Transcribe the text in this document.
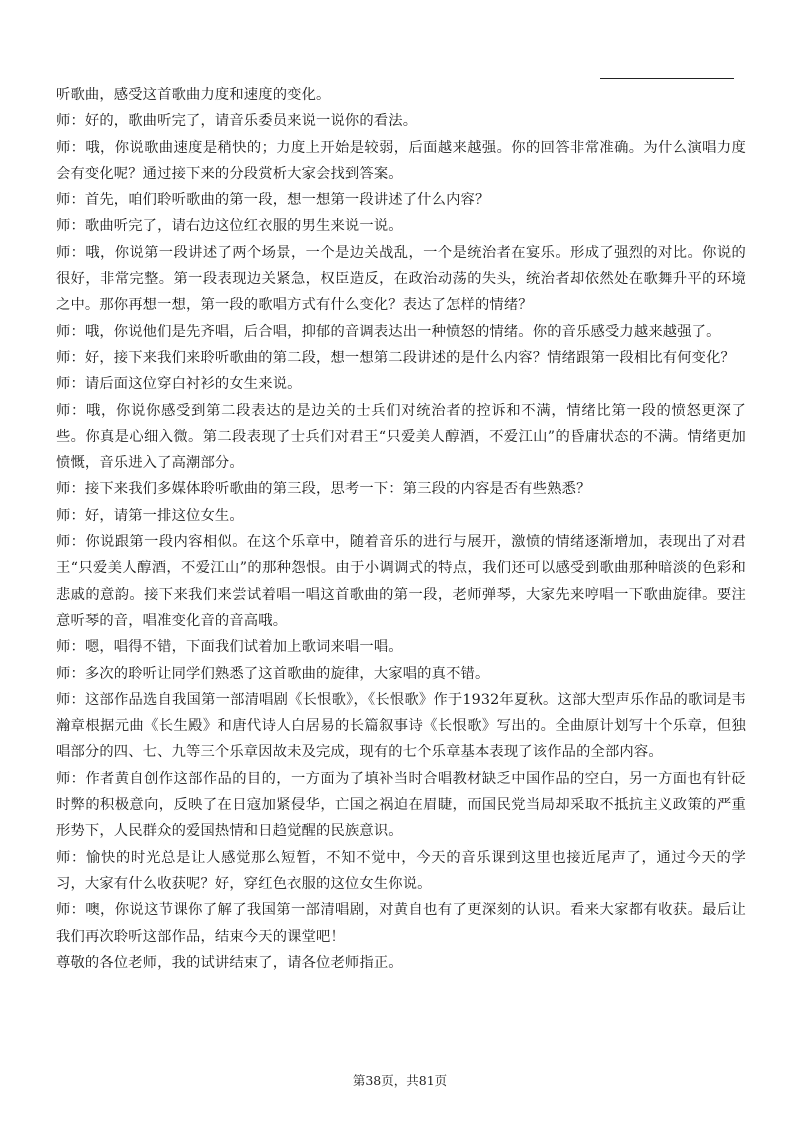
听歌曲，感受这首歌曲力度和速度的变化。

师：好的，歌曲听完了，请音乐委员来说一说你的看法。

师：哦，你说歌曲速度是稍快的；力度上开始是较弱，后面越来越强。你的回答非常准确。为什么演唱力度会有变化呢？通过接下来的分段赏析大家会找到答案。

师：首先，咱们聆听歌曲的第一段，想一想第一段讲述了什么内容？

师：歌曲听完了，请右边这位红衣服的男生来说一说。

师：哦，你说第一段讲述了两个场景，一个是边关战乱，一个是统治者在宴乐。形成了强烈的对比。你说的很好，非常完整。第一段表现边关紧急，权臣造反，在政治动荡的失头，统治者却依然处在歌舞升平的环境之中。那你再想一想，第一段的歌唱方式有什么变化？表达了怎样的情绪？

师：哦，你说他们是先齐唱，后合唱，抑郁的音调表达出一种愤怒的情绪。你的音乐感受力越来越强了。

师：好，接下来我们来聆听歌曲的第二段，想一想第二段讲述的是什么内容？情绪跟第一段相比有何变化？

师：请后面这位穿白衬衫的女生来说。

师：哦，你说你感受到第二段表达的是边关的士兵们对统治者的控诉和不满，情绪比第一段的愤怒更深了些。你真是心细入微。第二段表现了士兵们对君王“只爱美人醇酒，不爱江山”的昏庸状态的不满。情绪更加愤慨，音乐进入了高潮部分。

师：接下来我们多媒体聆听歌曲的第三段，思考一下：第三段的内容是否有些熟悉？

师：好，请第一排这位女生。

师：你说跟第一段内容相似。在这个乐章中，随着音乐的进行与展开，激愤的情绪逐渐增加，表现出了对君王“只爱美人醇酒，不爱江山”的那种怨恨。由于小调调式的特点，我们还可以感受到歌曲那种暗淡的色彩和悲戚的意韵。接下来我们来尝试着唱一唱这首歌曲的第一段，老师弹琴，大家先来哼唱一下歌曲旋律。要注意听琴的音，唱准变化音的音高哦。

师：嗯，唱得不错，下面我们试着加上歌词来唱一唱。

师：多次的聆听让同学们熟悉了这首歌曲的旋律，大家唱的真不错。

师：这部作品选自我国第一部清唱剧《长恨歌》，《长恨歌》作于1932年夏秋。这部大型声乐作品的歌词是韦瀚章根据元曲《长生殿》和唐代诗人白居易的长篇叙事诗《长恨歌》写出的。全曲原计划写十个乐章，但独唱部分的四、七、九等三个乐章因故未及完成，现有的七个乐章基本表现了该作品的全部内容。

师：作者黄自创作这部作品的目的，一方面为了填补当时合唱教材缺乏中国作品的空白，另一方面也有针砭时弊的积极意向，反映了在日寇加紧侵华，亡国之祸迫在眉睫，而国民党当局却采取不抵抗主义政策的严重形势下，人民群众的爱国热情和日趋觉醒的民族意识。

师：愉快的时光总是让人感觉那么短暂，不知不觉中，今天的音乐课到这里也接近尾声了，通过今天的学习，大家有什么收获呢？好，穿红色衣服的这位女生你说。

师：噢，你说这节课你了解了我国第一部清唱剧，对黄自也有了更深刻的认识。看来大家都有收获。最后让我们再次聆听这部作品，结束今天的课堂吧！

尊敬的各位老师，我的试讲结束了，请各位老师指正。

第38页，共81页
